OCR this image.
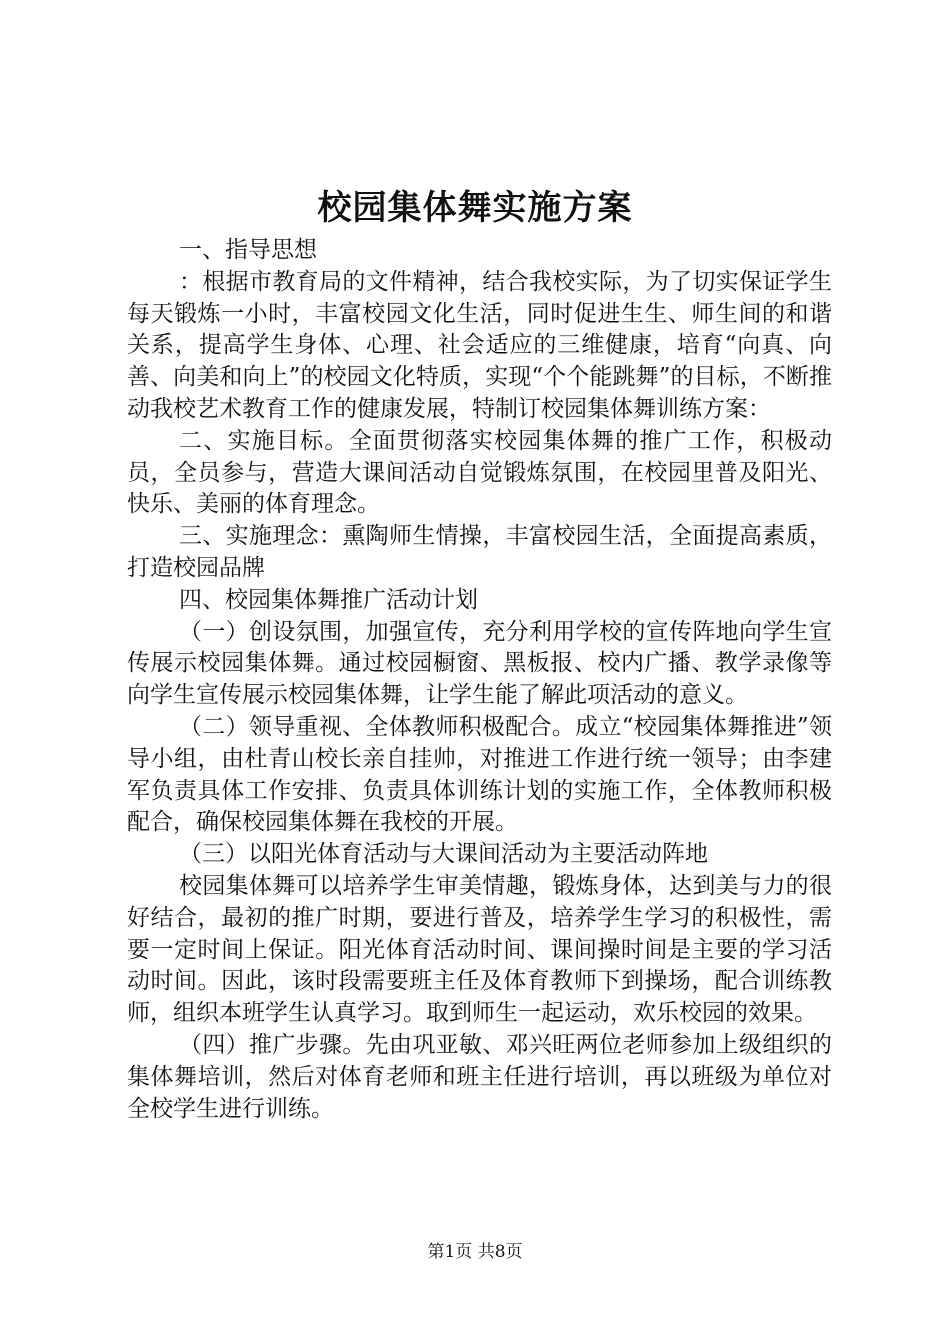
校园集体舞实施方案

一、指导思想

：根据市教育局的文件精神，结合我校实际，为了切实保证学生每天锻炼一小时，丰富校园文化生活，同时促进生生、师生间的和谐关系，提高学生身体、心理、社会适应的三维健康，培育“向真、向善、向美和向上”的校园文化特质，实现“个个能跳舞”的目标，不断推动我校艺术教育工作的健康发展，特制订校园集体舞训练方案：

二、实施目标。全面贯彻落实校园集体舞的推广工作，积极动员，全员参与，营造大课间活动自觉锻炼氛围，在校园里普及阳光、快乐、美丽的体育理念。

三、实施理念：熏陶师生情操，丰富校园生活，全面提高素质，打造校园品牌

四、校园集体舞推广活动计划

（一）创设氛围，加强宣传，充分利用学校的宣传阵地向学生宣传展示校园集体舞。通过校园橱窗、黑板报、校内广播、教学录像等向学生宣传展示校园集体舞，让学生能了解此项活动的意义。

（二）领导重视、全体教师积极配合。成立“校园集体舞推进”领导小组，由杜青山校长亲自挂帅，对推进工作进行统一领导；由李建军负责具体工作安排、负责具体训练计划的实施工作，全体教师积极配合，确保校园集体舞在我校的开展。

（三）以阳光体育活动与大课间活动为主要活动阵地

校园集体舞可以培养学生审美情趣，锻炼身体，达到美与力的很好结合，最初的推广时期，要进行普及，培养学生学习的积极性，需要一定时间上保证。阳光体育活动时间、课间操时间是主要的学习活动时间。因此，该时段需要班主任及体育教师下到操场，配合训练教师，组织本班学生认真学习。取到师生一起运动，欢乐校园的效果。

（四）推广步骤。先由巩亚敏、邓兴旺两位老师参加上级组织的集体舞培训，然后对体育老师和班主任进行培训，再以班级为单位对全校学生进行训练。

第1页 共8页
